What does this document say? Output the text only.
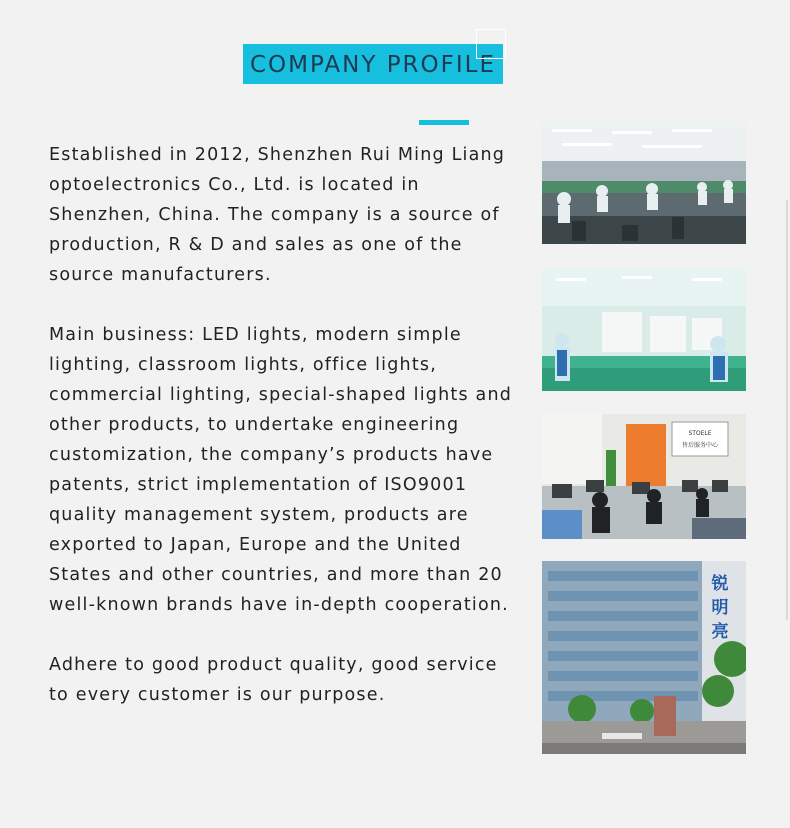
COMPANY PROFILE

Established in 2012, Shenzhen Rui Ming Liang optoelectronics Co., Ltd. is located in Shenzhen, China. The company is a source of production, R & D and sales as one of the source manufacturers.

Main business: LED lights, modern simple lighting, classroom lights, office lights, commercial lighting, special-shaped lights and other products, to undertake engineering customization, the company’s products have patents, strict implementation of ISO9001 quality management system, products are exported to Japan, Europe and the United States and other countries, and more than 20 well-known brands have in-depth cooperation.

Adhere to good product quality, good service to every customer is our purpose.

STOELE
售后服务中心
锐
明
亮
